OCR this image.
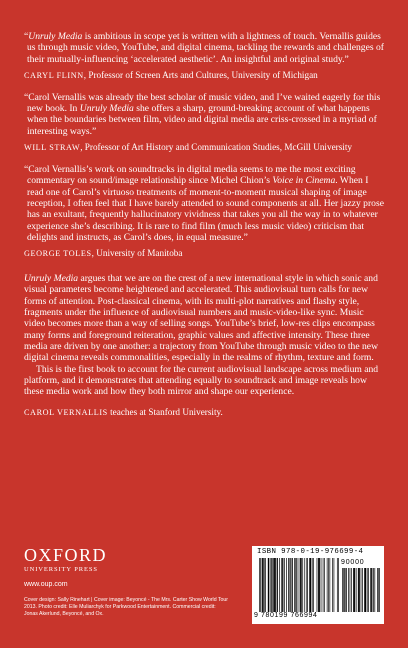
“Unruly Media is ambitious in scope yet is written with a lightness of touch. Vernallis guides us through music video, YouTube, and digital cinema, tackling the rewards and challenges of their mutually-influencing ‘accelerated aesthetic’. An insightful and original study.”

CARYL FLINN, Professor of Screen Arts and Cultures, University of Michigan

“Carol Vernallis was already the best scholar of music video, and I’ve waited eagerly for this new book. In Unruly Media she offers a sharp, ground-breaking account of what happens when the boundaries between film, video and digital media are criss-crossed in a myriad of interesting ways.”

WILL STRAW, Professor of Art History and Communication Studies, McGill University

“Carol Vernallis’s work on soundtracks in digital media seems to me the most exciting commentary on sound/image relationship since Michel Chion’s Voice in Cinema. When I read one of Carol’s virtuoso treatments of moment-to-moment musical shaping of image reception, I often feel that I have barely attended to sound components at all. Her jazzy prose has an exultant, frequently hallucinatory vividness that takes you all the way in to whatever experience she’s describing. It is rare to find film (much less music video) criticism that delights and instructs, as Carol’s does, in equal measure.”

GEORGE TOLES, University of Manitoba

Unruly Media argues that we are on the crest of a new international style in which sonic and visual parameters become heightened and accelerated. This audiovisual turn calls for new forms of attention. Post-classical cinema, with its multi-plot narratives and flashy style, fragments under the influence of audiovisual numbers and music-video-like sync. Music video becomes more than a way of selling songs. YouTube’s brief, low-res clips encompass many forms and foreground reiteration, graphic values and affective intensity. These three media are driven by one another: a trajectory from YouTube through music video to the new digital cinema reveals commonalities, especially in the realms of rhythm, texture and form.

This is the first book to account for the current audiovisual landscape across medium and platform, and it demonstrates that attending equally to soundtrack and image reveals how these media work and how they both mirror and shape our experience.

CAROL VERNALLIS teaches at Stanford University.

OXFORD
UNIVERSITY PRESS
www.oup.com
Cover design: Sally Rinehart | Cover image: Beyoncé - The Mrs. Carter Show World Tour 2013. Photo credit: Elle Muliarchyk for Parkwood Entertainment. Commercial credit: Jonas Akerlund, Beyoncé, and Ox.
ISBN 978-0-19-976699-4
90000
9 780199 766994
